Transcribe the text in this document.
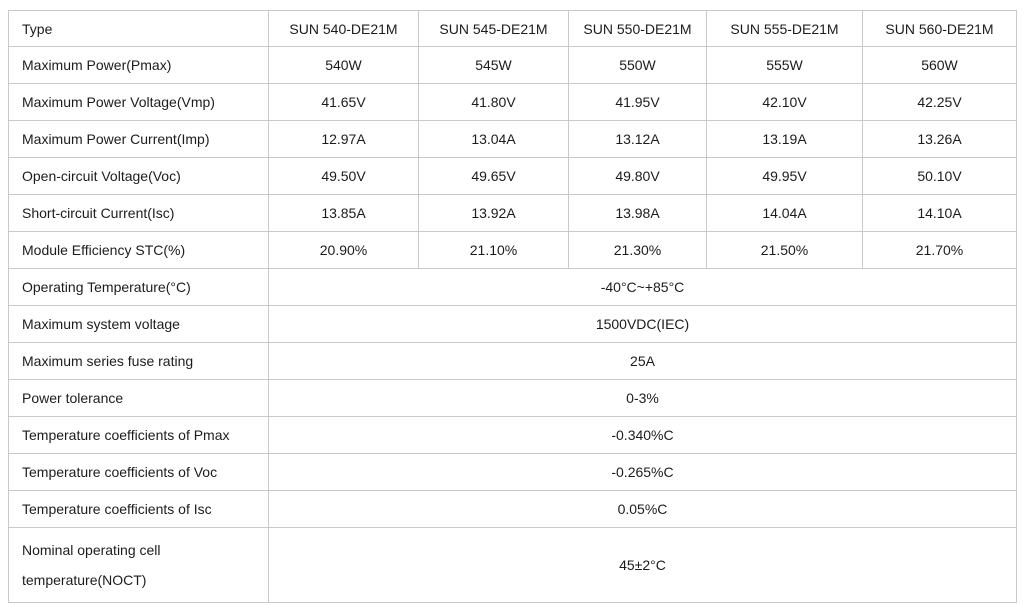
Type	SUN 540-DE21M	SUN 545-DE21M	SUN 550-DE21M	SUN 555-DE21M	SUN 560-DE21M
Maximum Power(Pmax)	540W	545W	550W	555W	560W
Maximum Power Voltage(Vmp)	41.65V	41.80V	41.95V	42.10V	42.25V
Maximum Power Current(Imp)	12.97A	13.04A	13.12A	13.19A	13.26A
Open-circuit Voltage(Voc)	49.50V	49.65V	49.80V	49.95V	50.10V
Short-circuit Current(Isc)	13.85A	13.92A	13.98A	14.04A	14.10A
Module Efficiency STC(%)	20.90%	21.10%	21.30%	21.50%	21.70%
Operating Temperature(°C)	-40°C~+85°C				
Maximum system voltage	1500VDC(IEC)				
Maximum series fuse rating	25A				
Power tolerance	0-3%				
Temperature coefficients of Pmax	-0.340%C				
Temperature coefficients of Voc	-0.265%C				
Temperature coefficients of Isc	0.05%C				
Nominal operating cell temperature(NOCT)	45±2°C				
